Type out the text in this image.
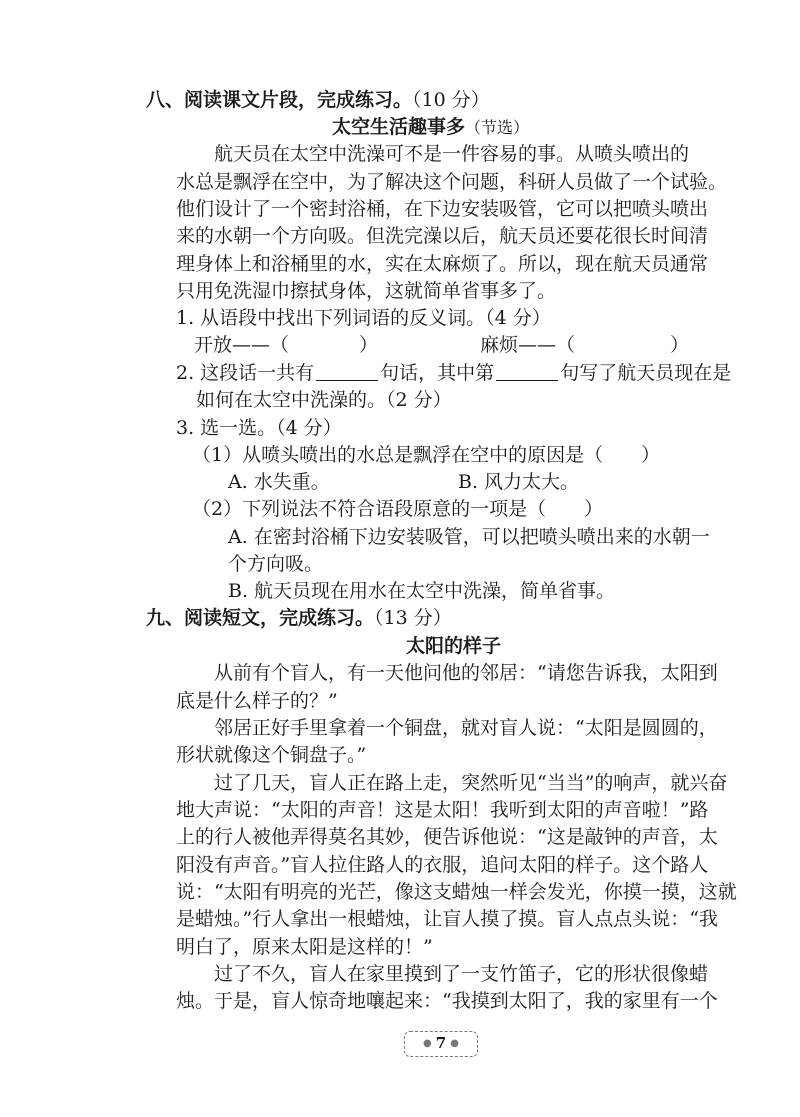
八、阅读课文片段，完成练习。（10 分）
太空生活趣事多（节选）
航天员在太空中洗澡可不是一件容易的事。从喷头喷出的
水总是飘浮在空中，为了解决这个问题，科研人员做了一个试验。
他们设计了一个密封浴桶，在下边安装吸管，它可以把喷头喷出
来的水朝一个方向吸。但洗完澡以后，航天员还要花很长时间清
理身体上和浴桶里的水，实在太麻烦了。所以，现在航天员通常
只用免洗湿巾擦拭身体，这就简单省事多了。
1. 从语段中找出下列词语的反义词。（4 分）
开放——（	）	麻烦——（	）
2. 这段话一共有	句话，其中第	句写了航天员现在是
如何在太空中洗澡的。（2 分）
3. 选一选。（4 分）
（1）从喷头喷出的水总是飘浮在空中的原因是（　　）
A. 水失重。	B. 风力太大。
（2）下列说法不符合语段原意的一项是（　　）
A. 在密封浴桶下边安装吸管，可以把喷头喷出来的水朝一
个方向吸。
B. 航天员现在用水在太空中洗澡，简单省事。
九、阅读短文，完成练习。（13 分）
太阳的样子
从前有个盲人，有一天他问他的邻居：“请您告诉我，太阳到
底是什么样子的？”
邻居正好手里拿着一个铜盘，就对盲人说：“太阳是圆圆的，
形状就像这个铜盘子。”
过了几天，盲人正在路上走，突然听见“当当”的响声，就兴奋
地大声说：“太阳的声音！这是太阳！我听到太阳的声音啦！”路
上的行人被他弄得莫名其妙，便告诉他说：“这是敲钟的声音，太
阳没有声音。”盲人拉住路人的衣服，追问太阳的样子。这个路人
说：“太阳有明亮的光芒，像这支蜡烛一样会发光，你摸一摸，这就
是蜡烛。”行人拿出一根蜡烛，让盲人摸了摸。盲人点点头说：“我
明白了，原来太阳是这样的！”
过了不久，盲人在家里摸到了一支竹笛子，它的形状很像蜡
烛。于是，盲人惊奇地嚷起来：“我摸到太阳了，我的家里有一个
● 7 ●
